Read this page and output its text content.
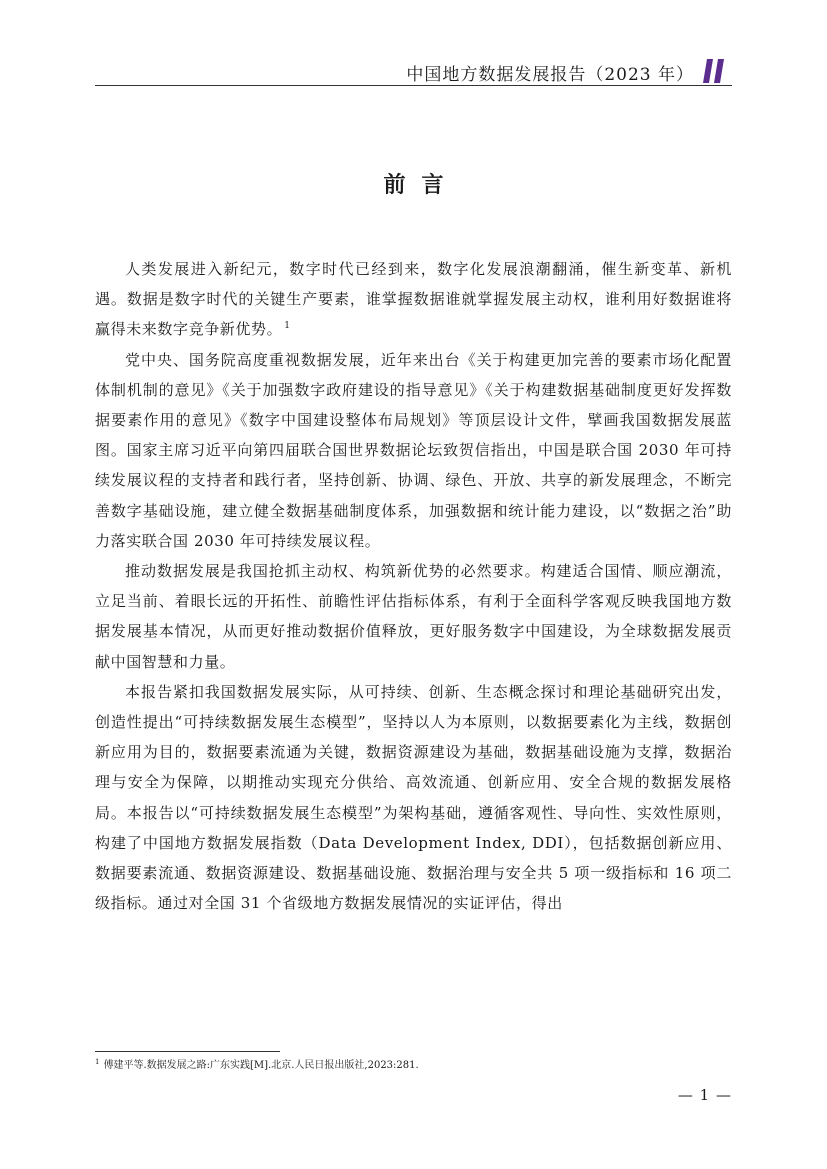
中国地方数据发展报告（2023 年）
前言

人类发展进入新纪元，数字时代已经到来，数字化发展浪潮翻涌，催生新变革、新机遇。数据是数字时代的关键生产要素，谁掌握数据谁就掌握发展主动权，谁利用好数据谁将赢得未来数字竞争新优势。 $^1$

党中央、国务院高度重视数据发展，近年来出台《关于构建更加完善的要素市场化配置体制机制的意见》《关于加强数字政府建设的指导意见》《关于构建数据基础制度更好发挥数据要素作用的意见》《数字中国建设整体布局规划》等顶层设计文件，擘画我国数据发展蓝图。国家主席习近平向第四届联合国世界数据论坛致贺信指出，中国是联合国 2030 年可持续发展议程的支持者和践行者，坚持创新、协调、绿色、开放、共享的新发展理念，不断完善数字基础设施，建立健全数据基础制度体系，加强数据和统计能力建设，以“数据之治”助力落实联合国 2030 年可持续发展议程。

推动数据发展是我国抢抓主动权、构筑新优势的必然要求。构建适合国情、顺应潮流，立足当前、着眼长远的开拓性、前瞻性评估指标体系，有利于全面科学客观反映我国地方数据发展基本情况，从而更好推动数据价值释放，更好服务数字中国建设，为全球数据发展贡献中国智慧和力量。

本报告紧扣我国数据发展实际，从可持续、创新、生态概念探讨和理论基础研究出发，创造性提出“可持续数据发展生态模型”，坚持以人为本原则，以数据要素化为主线，数据创新应用为目的，数据要素流通为关键，数据资源建设为基础，数据基础设施为支撑，数据治理与安全为保障，以期推动实现充分供给、高效流通、创新应用、安全合规的数据发展格局。本报告以“可持续数据发展生态模型”为架构基础，遵循客观性、导向性、实效性原则，构建了中国地方数据发展指数（Data Development Index, DDI），包括数据创新应用、数据要素流通、数据资源建设、数据基础设施、数据治理与安全共 5 项一级指标和 16 项二级指标。通过对全国 31 个省级地方数据发展情况的实证评估，得出

$^1$ 傅建平等.数据发展之路:广东实践[M].北京.人民日报出版社,2023:281.
— 1 —
